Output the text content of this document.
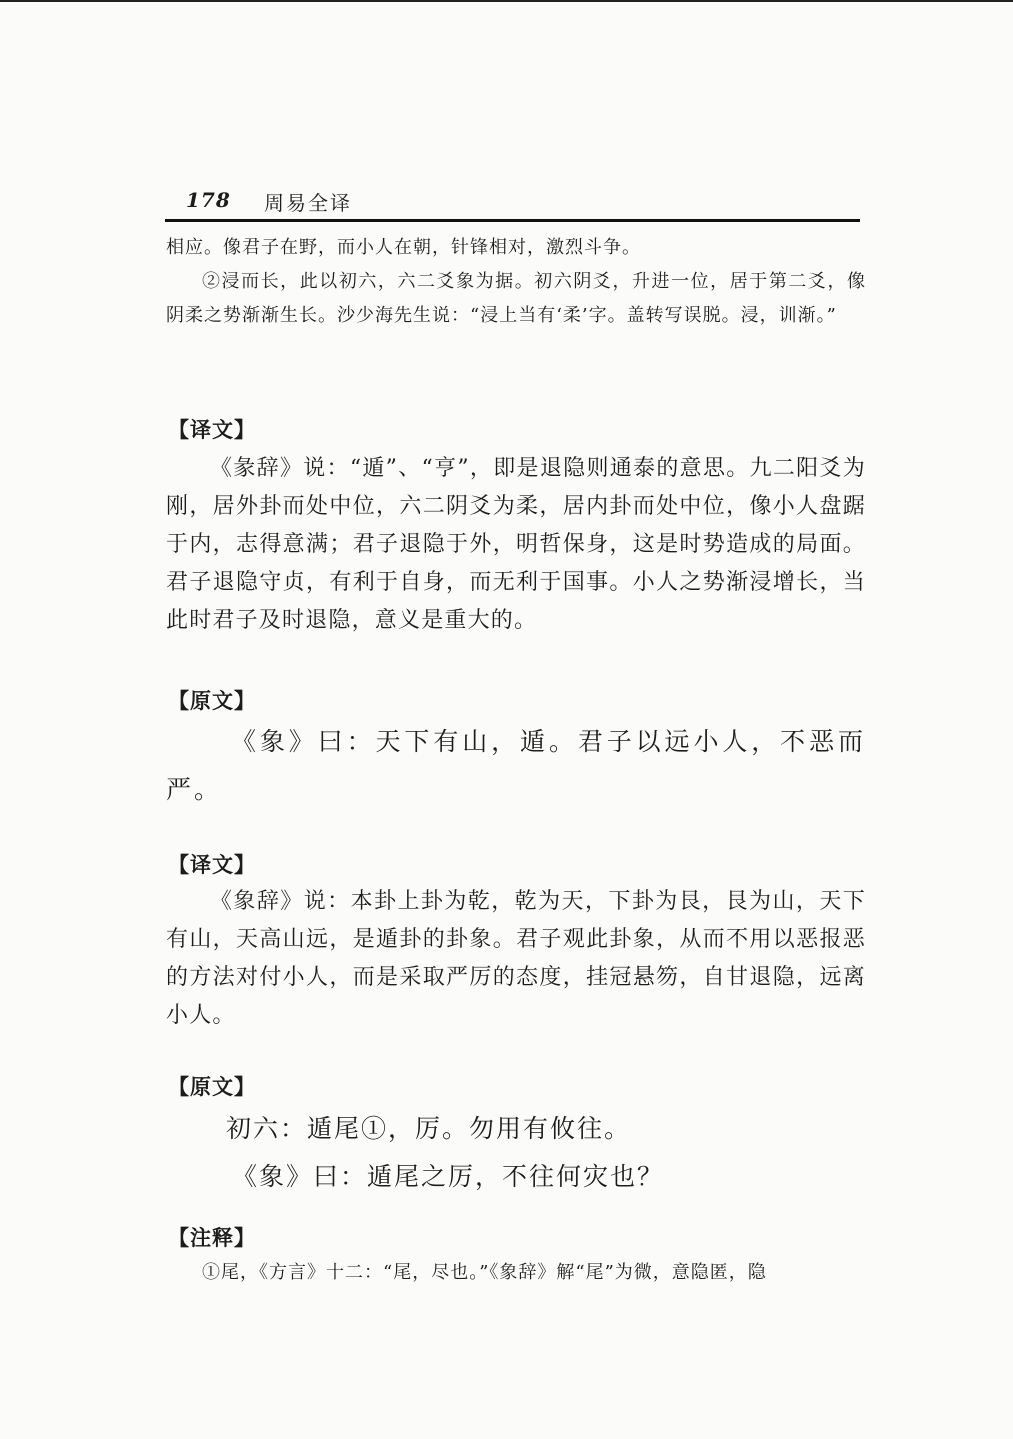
178 周易全译

相应。像君子在野，而小人在朝，针锋相对，激烈斗争。

②浸而长，此以初六，六二爻象为据。初六阴爻，升进一位，居于第二爻，像阴柔之势渐渐生长。沙少海先生说：“浸上当有‘柔’字。盖转写误脱。浸，训渐。”

【译文】

《彖辞》说：“遁”、“亨”，即是退隐则通泰的意思。九二阳爻为刚，居外卦而处中位，六二阴爻为柔，居内卦而处中位，像小人盘踞于内，志得意满；君子退隐于外，明哲保身，这是时势造成的局面。君子退隐守贞，有利于自身，而无利于国事。小人之势渐浸增长，当此时君子及时退隐，意义是重大的。

【原文】

《象》曰：天下有山，遁。君子以远小人，不恶而严。

【译文】

《象辞》说：本卦上卦为乾，乾为天，下卦为艮，艮为山，天下有山，天高山远，是遁卦的卦象。君子观此卦象，从而不用以恶报恶的方法对付小人，而是采取严厉的态度，挂冠悬笏，自甘退隐，远离小人。

【原文】

初六：遁尾①，厉。勿用有攸往。

《象》曰：遁尾之厉，不往何灾也？

【注释】

①尾，《方言》十二：“尾，尽也。”《象辞》解“尾”为微，意隐匿，隐
